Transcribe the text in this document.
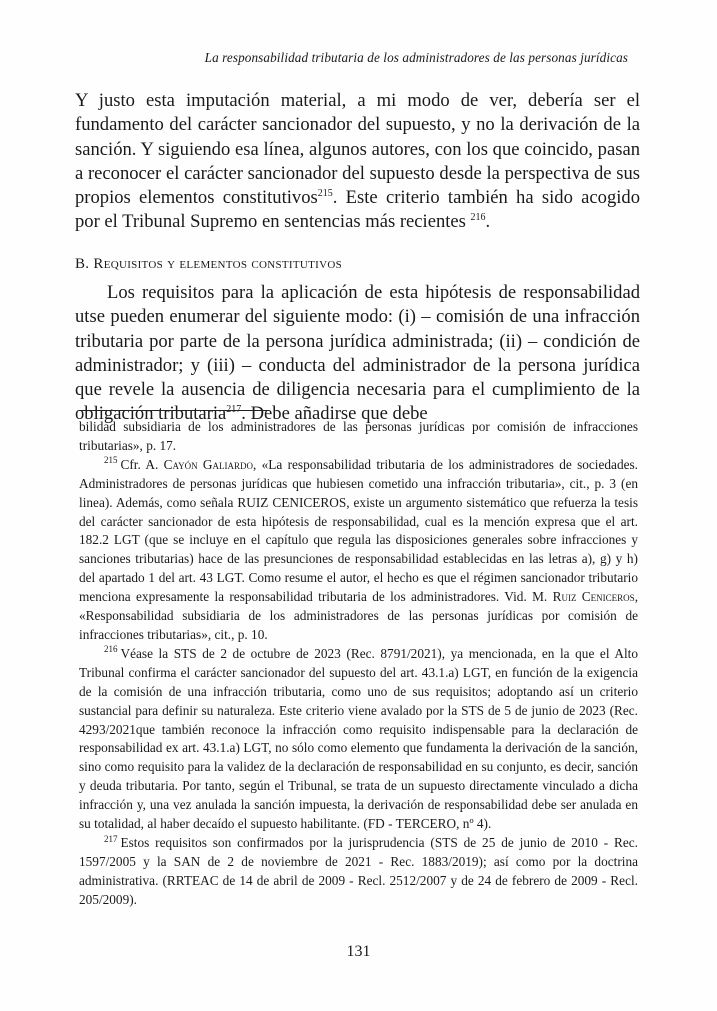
La responsabilidad tributaria de los administradores de las personas jurídicas

Y justo esta imputación material, a mi modo de ver, debería ser el fundamento del carácter sancionador del supuesto, y no la derivación de la sanción. Y siguiendo esa línea, algunos autores, con los que coincido, pasan a reconocer el carácter sancionador del supuesto desde la perspectiva de sus propios elementos constitutivos$^{215}$. Este criterio también ha sido acogido por el Tribunal Supremo en sentencias más recientes $^{216}$.

B. Requisitos y elementos constitutivos

Los requisitos para la aplicación de esta hipótesis de responsabilidad utse pueden enumerar del siguiente modo: (i) – comisión de una infracción tributaria por parte de la persona jurídica administrada; (ii) – condición de administrador; y (iii) – conducta del administrador de la persona jurídica que revele la ausencia de diligencia necesaria para el cumplimiento de la obligación tributaria$^{217}$. Debe añadirse que debe

bilidad subsidiaria de los administradores de las personas jurídicas por comisión de infracciones tributarias», p. 17.

$^{215}$ Cfr. A. Cayón Galiardo, «La responsabilidad tributaria de los administradores de sociedades. Administradores de personas jurídicas que hubiesen cometido una infracción tributaria», cit., p. 3 (en linea). Además, como señala RUIZ CENICEROS, existe un argumento sistemático que refuerza la tesis del carácter sancionador de esta hipótesis de responsabilidad, cual es la mención expresa que el art. 182.2 LGT (que se incluye en el capítulo que regula las disposiciones generales sobre infracciones y sanciones tributarias) hace de las presunciones de responsabilidad establecidas en las letras a), g) y h) del apartado 1 del art. 43 LGT. Como resume el autor, el hecho es que el régimen sancionador tributario menciona expresamente la responsabilidad tributaria de los administradores. Vid. M. Ruiz Ceniceros, «Responsabilidad subsidiaria de los administradores de las personas jurídicas por comisión de infracciones tributarias», cit., p. 10.

$^{216}$ Véase la STS de 2 de octubre de 2023 (Rec. 8791/2021), ya mencionada, en la que el Alto Tribunal confirma el carácter sancionador del supuesto del art. 43.1.a) LGT, en función de la exigencia de la comisión de una infracción tributaria, como uno de sus requisitos; adoptando así un criterio sustancial para definir su naturaleza. Este criterio viene avalado por la STS de 5 de junio de 2023 (Rec. 4293/2021que también reconoce la infracción como requisito indispensable para la declaración de responsabilidad ex art. 43.1.a) LGT, no sólo como elemento que fundamenta la derivación de la sanción, sino como requisito para la validez de la declaración de responsabilidad en su conjunto, es decir, sanción y deuda tributaria. Por tanto, según el Tribunal, se trata de un supuesto directamente vinculado a dicha infracción y, una vez anulada la sanción impuesta, la derivación de responsabilidad debe ser anulada en su totalidad, al haber decaído el supuesto habilitante. (FD - TERCERO, nº 4).

$^{217}$ Estos requisitos son confirmados por la jurisprudencia (STS de 25 de junio de 2010 - Rec. 1597/2005 y la SAN de 2 de noviembre de 2021 - Rec. 1883/2019); así como por la doctrina administrativa. (RRTEAC de 14 de abril de 2009 - Recl. 2512/2007 y de 24 de febrero de 2009 - Recl. 205/2009).

131
